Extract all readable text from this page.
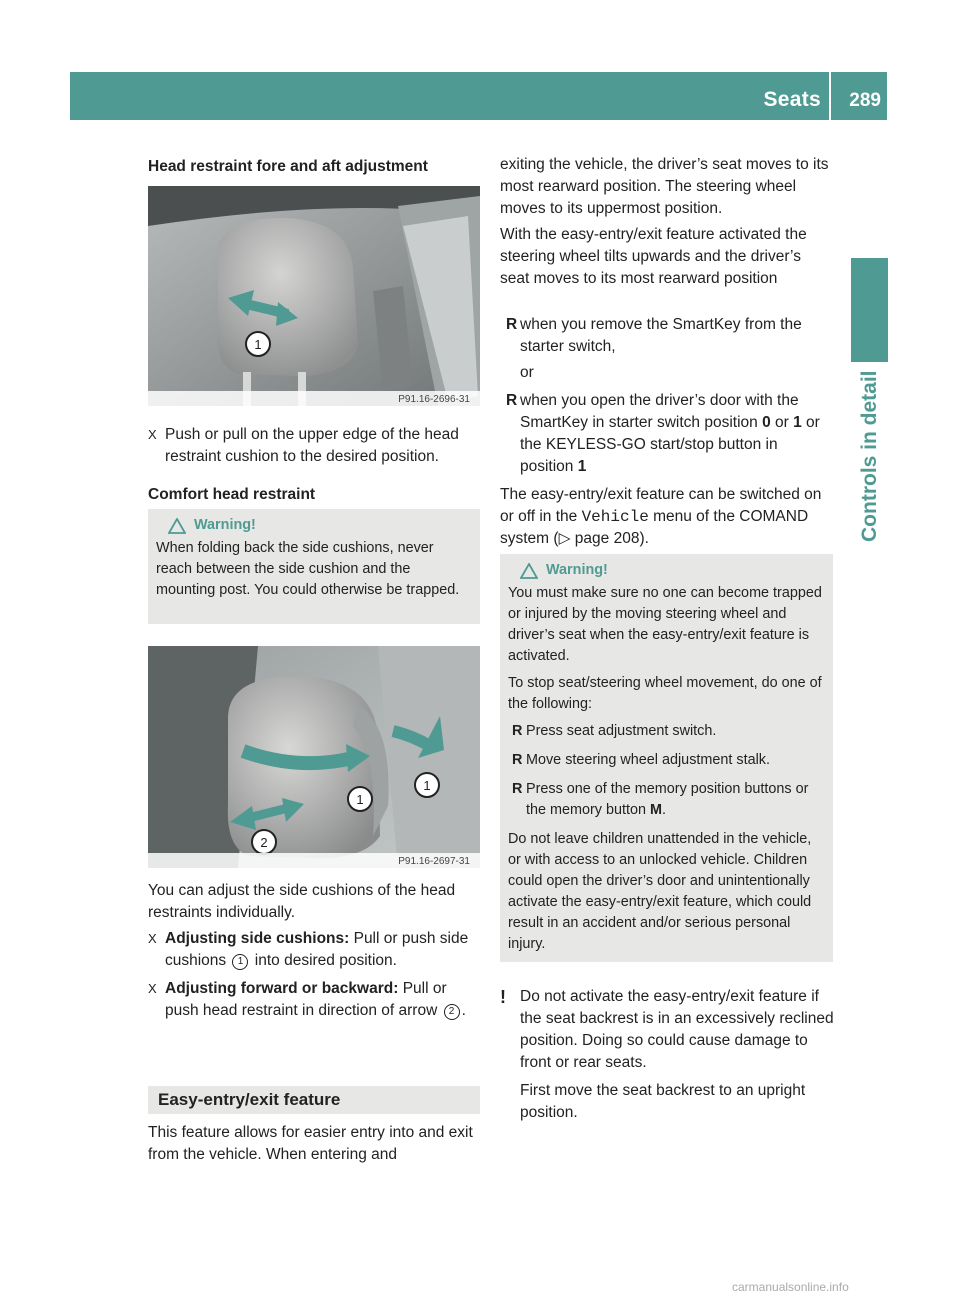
Seats 289
Controls in detail
Head restraint fore and aft adjustment
1
P91.16-2696-31
X Push or pull on the upper edge of the head restraint cushion to the desired position.
Comfort head restraint
Warning!

When folding back the side cushions, never reach between the side cushion and the mounting post. You could otherwise be trapped.

1
1
2
P91.16-2697-31
You can adjust the side cushions of the head restraints individually.
X Adjusting side cushions: Pull or push side cushions 1 into desired position.
X Adjusting forward or backward: Pull or push head restraint in direction of arrow 2 .
Easy-entry/exit feature
This feature allows for easier entry into and exit from the vehicle. When entering and
exiting the vehicle, the driver’s seat moves to its most rearward position. The steering wheel moves to its uppermost position.
With the easy-entry/exit feature activated the steering wheel tilts upwards and the driver’s seat moves to its most rearward position
R when you remove the SmartKey from the starter switch,
or
R when you open the driver’s door with the SmartKey in starter switch position 0 or 1 or the KEYLESS-GO start/stop button in position 1
The easy-entry/exit feature can be switched on or off in the Vehicle menu of the COMAND system (▷ page 208).
Warning!

You must make sure no one can become trapped or injured by the moving steering wheel and driver’s seat when the easy-entry/exit feature is activated.

To stop seat/steering wheel movement, do one of the following:

R Press seat adjustment switch.
R Move steering wheel adjustment stalk.
R Press one of the memory position buttons or the memory button M.

Do not leave children unattended in the vehicle, or with access to an unlocked vehicle. Children could open the driver’s door and unintentionally activate the easy-entry/exit feature, which could result in an accident and/or serious personal injury.

! Do not activate the easy-entry/exit feature if the seat backrest is in an excessively reclined position. Doing so could cause damage to front or rear seats.
First move the seat backrest to an upright position.
carmanualsonline.info
